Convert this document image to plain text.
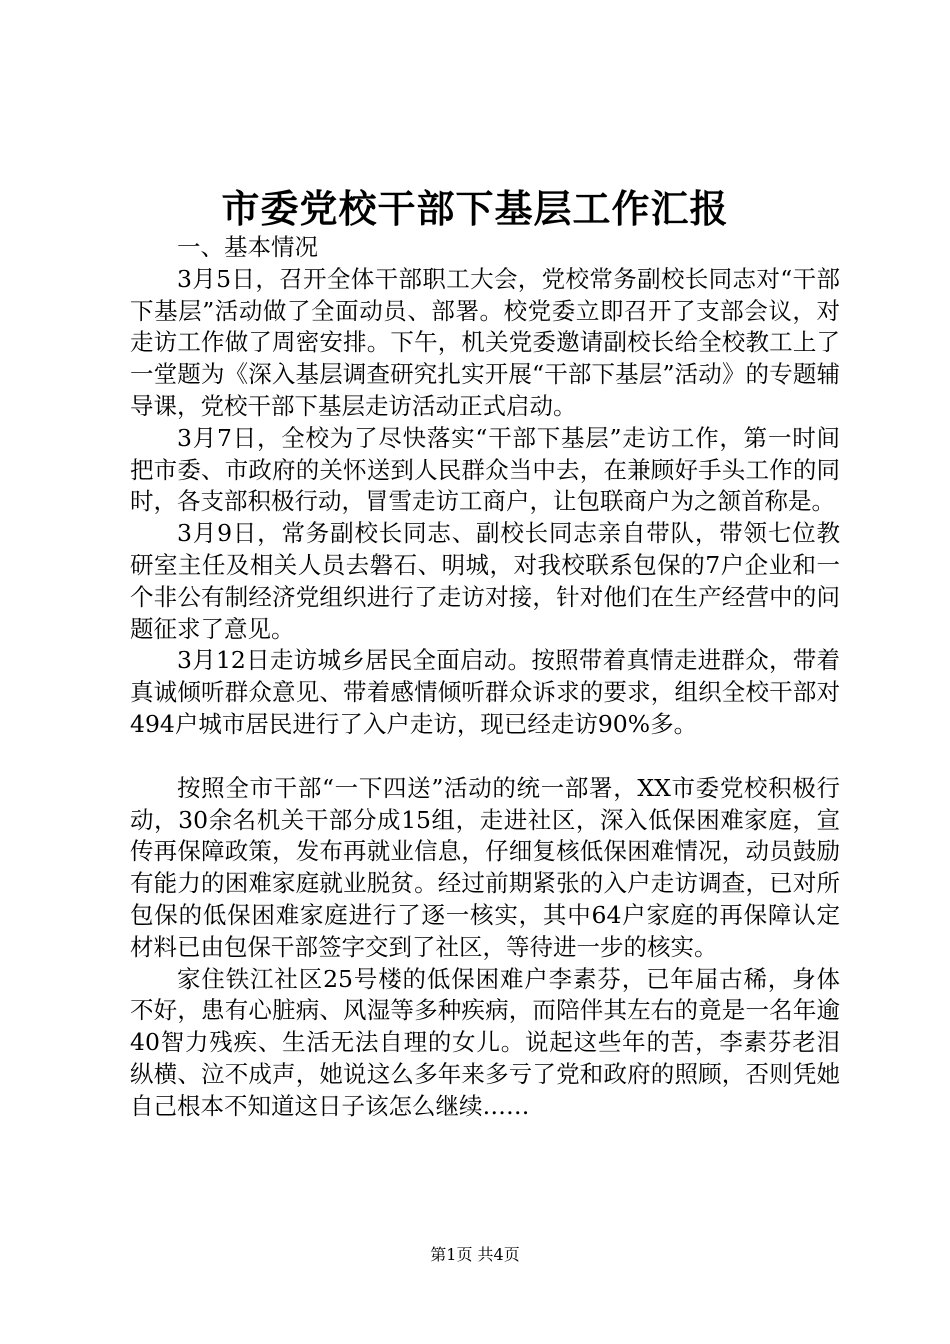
市委党校干部下基层工作汇报

一、基本情况

3月5日，召开全体干部职工大会，党校常务副校长同志对“干部下基层”活动做了全面动员、部署。校党委立即召开了支部会议，对走访工作做了周密安排。下午，机关党委邀请副校长给全校教工上了一堂题为《深入基层调查研究扎实开展“干部下基层”活动》的专题辅导课，党校干部下基层走访活动正式启动。

3月7日，全校为了尽快落实“干部下基层”走访工作，第一时间把市委、市政府的关怀送到人民群众当中去，在兼顾好手头工作的同时，各支部积极行动，冒雪走访工商户，让包联商户为之颔首称是。

3月9日，常务副校长同志、副校长同志亲自带队，带领七位教研室主任及相关人员去磐石、明城，对我校联系包保的7户企业和一个非公有制经济党组织进行了走访对接，针对他们在生产经营中的问题征求了意见。

3月12日走访城乡居民全面启动。按照带着真情走进群众，带着真诚倾听群众意见、带着感情倾听群众诉求的要求，组织全校干部对494户城市居民进行了入户走访，现已经走访90%多。

按照全市干部“一下四送”活动的统一部署，XX市委党校积极行动，30余名机关干部分成15组，走进社区，深入低保困难家庭，宣传再保障政策，发布再就业信息，仔细复核低保困难情况，动员鼓励有能力的困难家庭就业脱贫。经过前期紧张的入户走访调查，已对所包保的低保困难家庭进行了逐一核实，其中64户家庭的再保障认定材料已由包保干部签字交到了社区，等待进一步的核实。

家住铁江社区25号楼的低保困难户李素芬，已年届古稀，身体不好，患有心脏病、风湿等多种疾病，而陪伴其左右的竟是一名年逾40智力残疾、生活无法自理的女儿。说起这些年的苦，李素芬老泪纵横、泣不成声，她说这么多年来多亏了党和政府的照顾，否则凭她自己根本不知道这日子该怎么继续……

第1页 共4页
